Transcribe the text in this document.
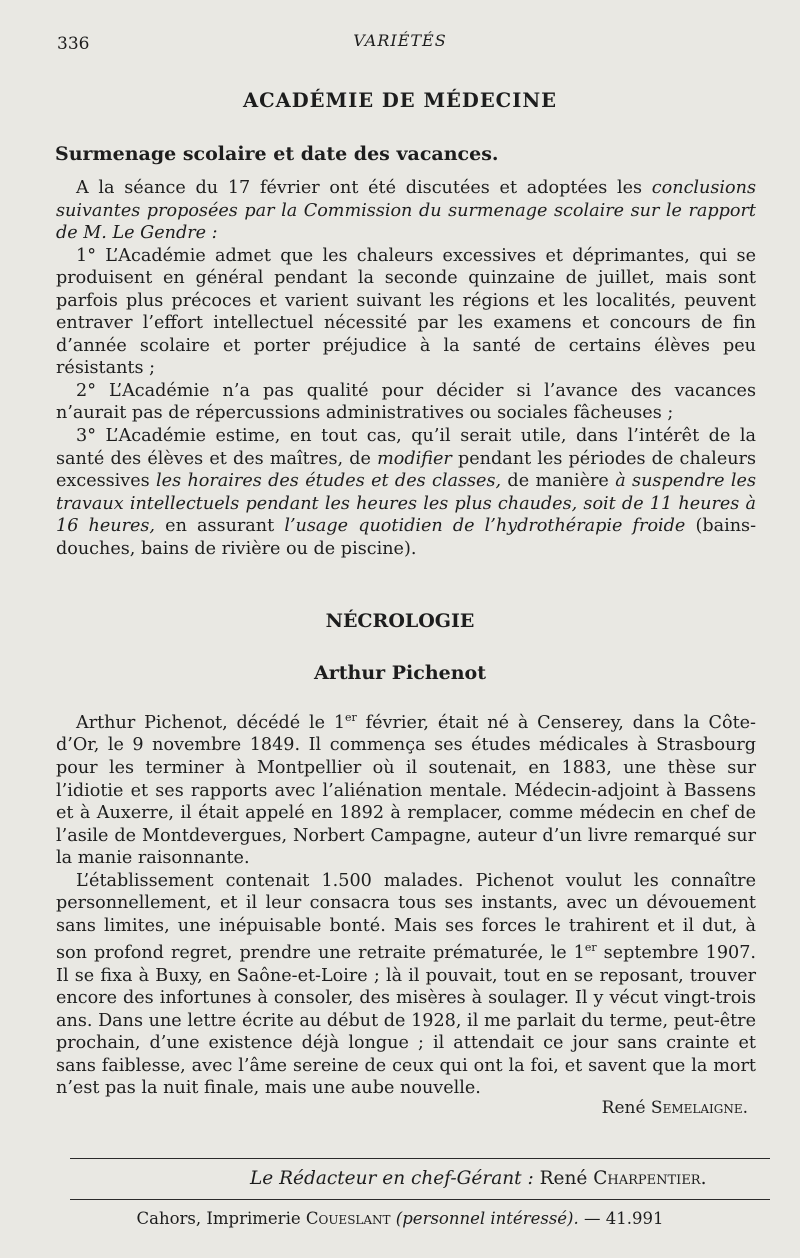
336	VARIÉTÉS
ACADÉMIE DE MÉDECINE
Surmenage scolaire et date des vacances.

A la séance du 17 février ont été discutées et adoptées les conclusions suivantes proposées par la Commission du surmenage scolaire sur le rapport de M. Le Gendre :

1° L’Académie admet que les chaleurs excessives et déprimantes, qui se produisent en général pendant la seconde quinzaine de juillet, mais sont parfois plus précoces et varient suivant les régions et les localités, peuvent entraver l’effort intellectuel nécessité par les examens et concours de fin d’année scolaire et porter préjudice à la santé de certains élèves peu résistants ;

2° L’Académie n’a pas qualité pour décider si l’avance des vacances n’aurait pas de répercussions administratives ou sociales fâcheuses ;

3° L’Académie estime, en tout cas, qu’il serait utile, dans l’intérêt de la santé des élèves et des maîtres, de modifier pendant les périodes de chaleurs excessives les horaires des études et des classes, de manière à suspendre les travaux intellectuels pendant les heures les plus chaudes, soit de 11 heures à 16 heures, en assurant l’usage quotidien de l’hydrothérapie froide (bains-douches, bains de rivière ou de piscine).

NÉCROLOGIE
Arthur Pichenot

Arthur Pichenot, décédé le 1er février, était né à Censerey, dans la Côte-d’Or, le 9 novembre 1849. Il commença ses études médicales à Strasbourg pour les terminer à Montpellier où il soutenait, en 1883, une thèse sur l’idiotie et ses rapports avec l’aliénation mentale. Médecin-adjoint à Bassens et à Auxerre, il était appelé en 1892 à remplacer, comme médecin en chef de l’asile de Montdevergues, Norbert Campagne, auteur d’un livre remarqué sur la manie raisonnante.

L’établissement contenait 1.500 malades. Pichenot voulut les connaître personnellement, et il leur consacra tous ses instants, avec un dévouement sans limites, une inépuisable bonté. Mais ses forces le trahirent et il dut, à son profond regret, prendre une retraite prématurée, le 1er septembre 1907. Il se fixa à Buxy, en Saône-et-Loire ; là il pouvait, tout en se reposant, trouver encore des infortunes à consoler, des misères à soulager. Il y vécut vingt-trois ans. Dans une lettre écrite au début de 1928, il me parlait du terme, peut-être prochain, d’une existence déjà longue ; il attendait ce jour sans crainte et sans faiblesse, avec l’âme sereine de ceux qui ont la foi, et savent que la mort n’est pas la nuit finale, mais une aube nouvelle.

René Semelaigne.
Le Rédacteur en chef-Gérant : René Charpentier.
Cahors, Imprimerie Coueslant (personnel intéressé). — 41.991
